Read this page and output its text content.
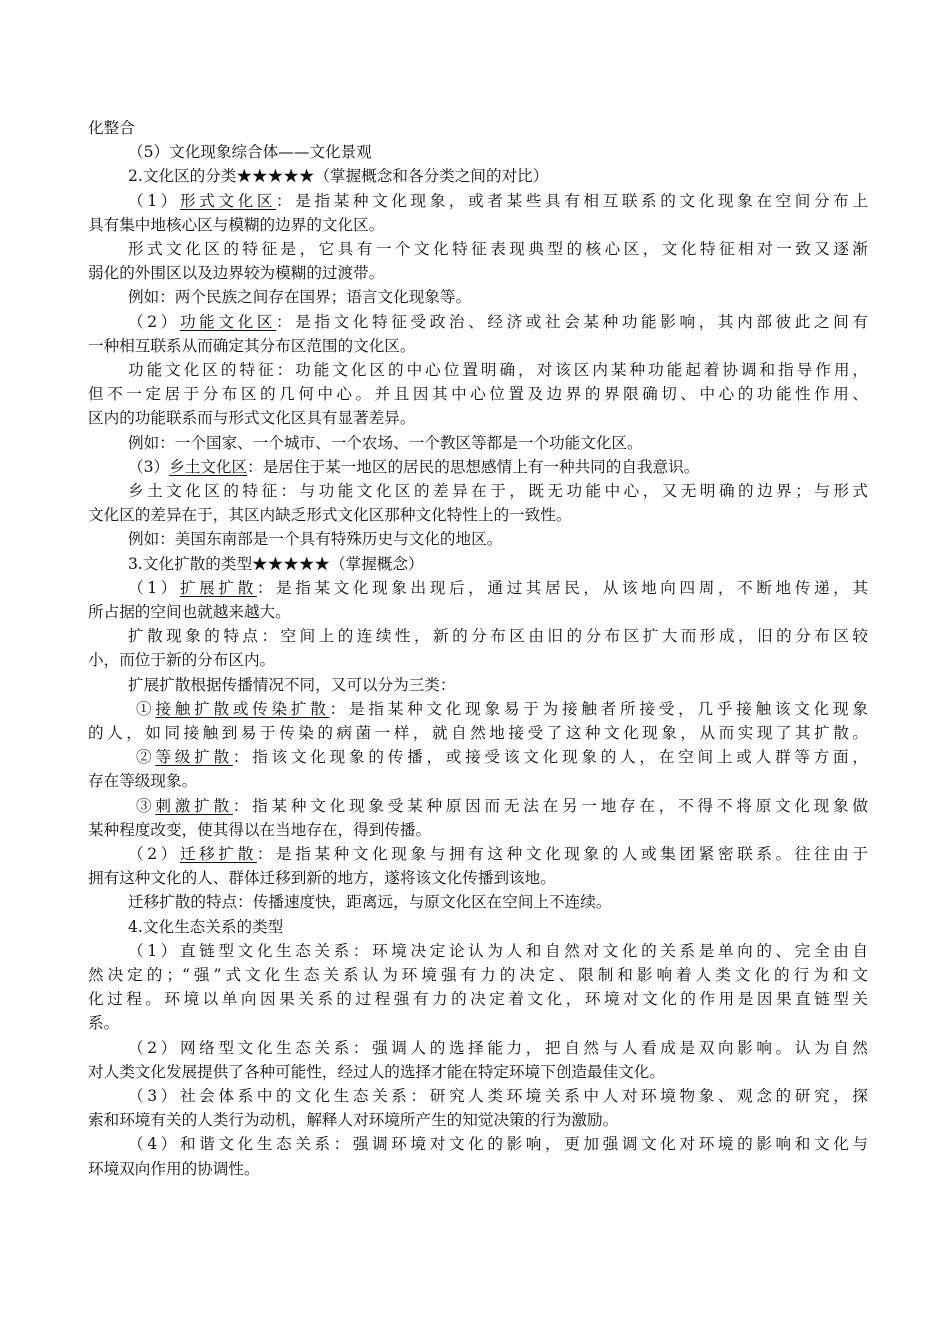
化整合
（5）文化现象综合体——文化景观
2.文化区的分类★★★★★（掌握概念和各分类之间的对比）
（1）形式文化区：是指某种文化现象，或者某些具有相互联系的文化现象在空间分布上
具有集中地核心区与模糊的边界的文化区。
形式文化区的特征是，它具有一个文化特征表现典型的核心区，文化特征相对一致又逐渐
弱化的外围区以及边界较为模糊的过渡带。
例如：两个民族之间存在国界；语言文化现象等。
（2）功能文化区：是指文化特征受政治、经济或社会某种功能影响，其内部彼此之间有
一种相互联系从而确定其分布区范围的文化区。
功能文化区的特征：功能文化区的中心位置明确，对该区内某种功能起着协调和指导作用，
但不一定居于分布区的几何中心。并且因其中心位置及边界的界限确切、中心的功能性作用、
区内的功能联系而与形式文化区具有显著差异。
例如：一个国家、一个城市、一个农场、一个教区等都是一个功能文化区。
（3）乡土文化区：是居住于某一地区的居民的思想感情上有一种共同的自我意识。
乡土文化区的特征：与功能文化区的差异在于，既无功能中心，又无明确的边界；与形式
文化区的差异在于，其区内缺乏形式文化区那种文化特性上的一致性。
例如：美国东南部是一个具有特殊历史与文化的地区。
3.文化扩散的类型★★★★★（掌握概念）
（1）扩展扩散：是指某文化现象出现后，通过其居民，从该地向四周，不断地传递，其
所占据的空间也就越来越大。
扩散现象的特点：空间上的连续性，新的分布区由旧的分布区扩大而形成，旧的分布区较
小，而位于新的分布区内。
扩展扩散根据传播情况不同，又可以分为三类：
①接触扩散或传染扩散：是指某种文化现象易于为接触者所接受，几乎接触该文化现象
的人，如同接触到易于传染的病菌一样，就自然地接受了这种文化现象，从而实现了其扩散。
②等级扩散：指该文化现象的传播，或接受该文化现象的人，在空间上或人群等方面，
存在等级现象。
③刺激扩散：指某种文化现象受某种原因而无法在另一地存在，不得不将原文化现象做
某种程度改变，使其得以在当地存在，得到传播。
（2）迁移扩散：是指某种文化现象与拥有这种文化现象的人或集团紧密联系。往往由于
拥有这种文化的人、群体迁移到新的地方，遂将该文化传播到该地。
迁移扩散的特点：传播速度快，距离远，与原文化区在空间上不连续。
4.文化生态关系的类型
（1）直链型文化生态关系：环境决定论认为人和自然对文化的关系是单向的、完全由自
然决定的；“强”式文化生态关系认为环境强有力的决定、限制和影响着人类文化的行为和文
化过程。环境以单向因果关系的过程强有力的决定着文化，环境对文化的作用是因果直链型关
系。
（2）网络型文化生态关系：强调人的选择能力，把自然与人看成是双向影响。认为自然
对人类文化发展提供了各种可能性，经过人的选择才能在特定环境下创造最佳文化。
（3）社会体系中的文化生态关系：研究人类环境关系中人对环境物象、观念的研究，探
索和环境有关的人类行为动机，解释人对环境所产生的知觉决策的行为激励。
（4）和谐文化生态关系：强调环境对文化的影响，更加强调文化对环境的影响和文化与
环境双向作用的协调性。
